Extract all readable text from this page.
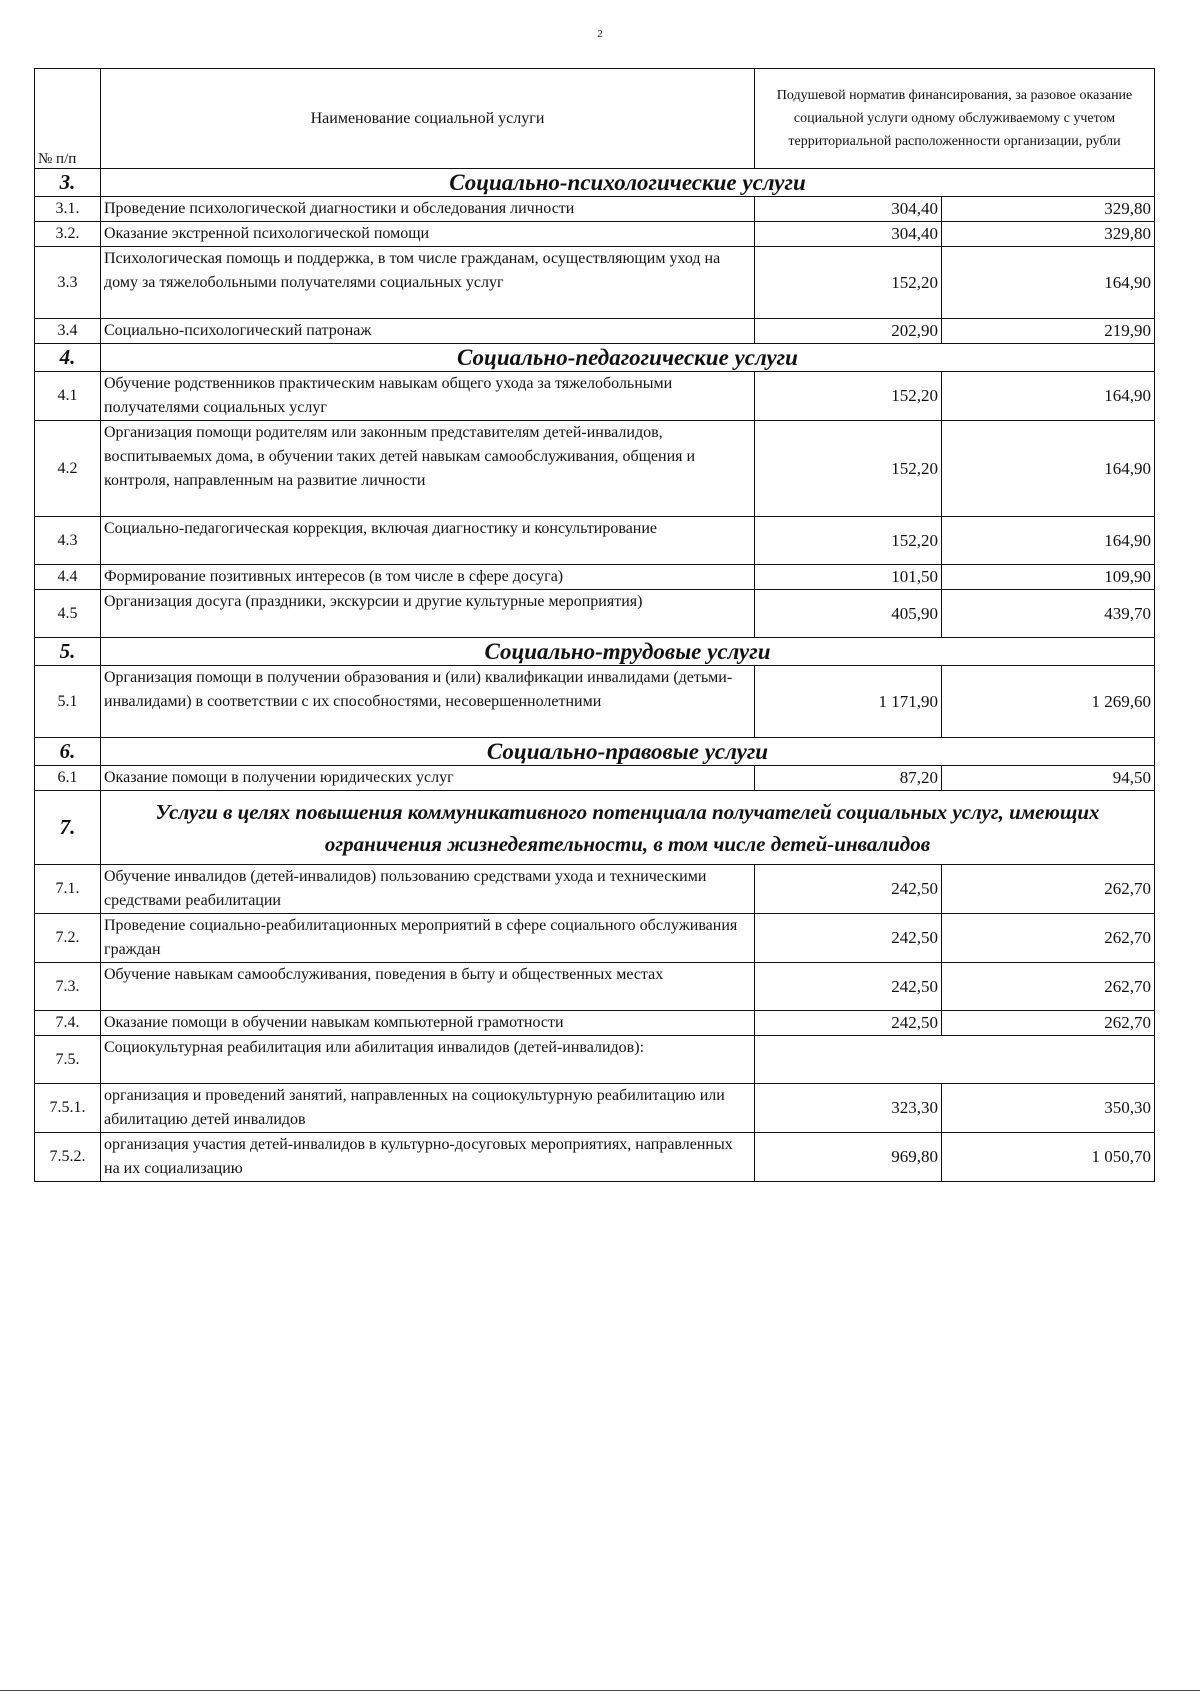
2
№ п/п	Наименование социальной услуги	Подушевой норматив финансирования, за разовое оказание социальной услуги одному обслуживаемому с учетом территориальной расположенности организации, рубли	
3.	Социально-психологические услуги		
3.1.	Проведение психологической диагностики и обследования личности	304,40	329,80
3.2.	Оказание экстренной психологической помощи	304,40	329,80
3.3	Психологическая помощь и поддержка, в том числе гражданам, осуществляющим уход на дому за тяжелобольными получателями социальных услуг	152,20	164,90
3.4	Социально-психологический патронаж	202,90	219,90
4.	Социально-педагогические услуги		
4.1	Обучение родственников практическим навыкам общего ухода за тяжелобольными получателями социальных услуг	152,20	164,90
4.2	Организация помощи родителям или законным представителям детей-инвалидов, воспитываемых дома, в обучении таких детей навыкам самообслуживания, общения и контроля, направленным на развитие личности	152,20	164,90
4.3	Социально-педагогическая коррекция, включая диагностику и консультирование	152,20	164,90
4.4	Формирование позитивных интересов (в том числе в сфере досуга)	101,50	109,90
4.5	Организация досуга (праздники, экскурсии и другие культурные мероприятия)	405,90	439,70
5.	Социально-трудовые услуги		
5.1	Организация помощи в получении образования и (или) квалификации инвалидами (детьми-инвалидами) в соответствии с их способностями, несовершеннолетними	1 171,90	1 269,60
6.	Социально-правовые услуги		
6.1	Оказание помощи в получении юридических услуг	87,20	94,50
7.	Услуги в целях повышения коммуникативного потенциала получателей социальных услуг, имеющих ограничения жизнедеятельности, в том числе детей-инвалидов		
7.1.	Обучение инвалидов (детей-инвалидов) пользованию средствами ухода и техническими средствами реабилитации	242,50	262,70
7.2.	Проведение социально-реабилитационных мероприятий в сфере социального обслуживания граждан	242,50	262,70
7.3.	Обучение навыкам самообслуживания, поведения в быту и общественных местах	242,50	262,70
7.4.	Оказание помощи в обучении навыкам компьютерной грамотности	242,50	262,70
7.5.	Социокультурная реабилитация или абилитация инвалидов (детей-инвалидов):		
7.5.1.	организация и проведений занятий, направленных на социокультурную реабилитацию или абилитацию детей инвалидов	323,30	350,30
7.5.2.	организация участия детей-инвалидов в культурно-досуговых мероприятиях, направленных на их социализацию	969,80	1 050,70
